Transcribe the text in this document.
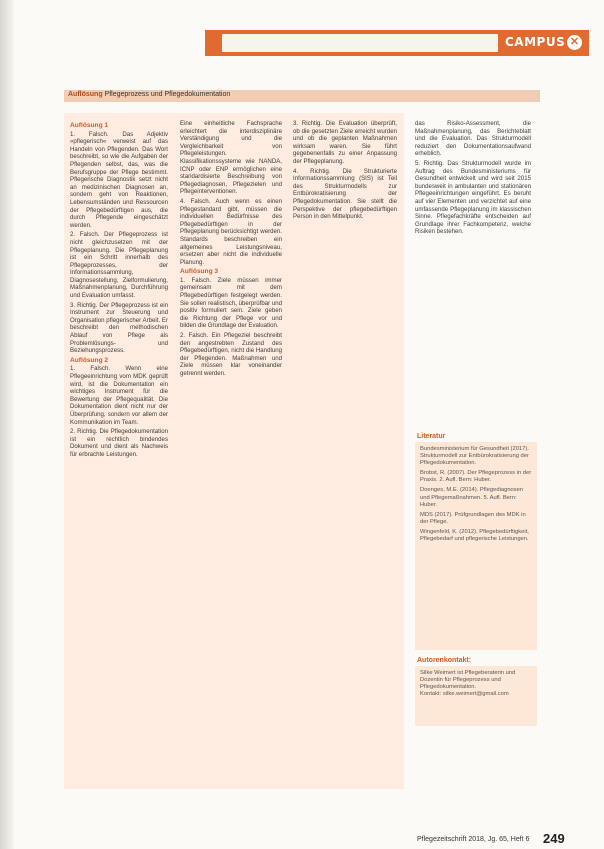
CAMPUS ✕
Auflösung Pflegeprozess und Pflegedokumentation
Auflösung 1

1. Falsch. Das Adjektiv »pflegerisch« verweist auf das Handeln von Pflegenden. Das Wort beschreibt, so wie die Aufgaben der Pflegenden selbst, das, was die Berufsgruppe der Pflege bestimmt. Pflegerische Diagnostik setzt nicht an medizinischen Diagnosen an, sondern geht von Reaktionen, Lebensumständen und Ressourcen der Pflegebedürftigen aus, die durch Pflegende eingeschätzt werden.

2. Falsch. Der Pflegeprozess ist nicht gleichzusetzen mit der Pflegeplanung. Die Pflegeplanung ist ein Schritt innerhalb des Pflegeprozesses, der Informationssammlung, Diagnosestellung, Zielformulierung, Maßnahmenplanung, Durchführung und Evaluation umfasst.

3. Richtig. Der Pflegeprozess ist ein Instrument zur Steuerung und Organisation pflegerischer Arbeit. Er beschreibt den methodischen Ablauf von Pflege als Problemlösungs- und Beziehungsprozess.

Auflösung 2

1. Falsch. Wenn eine Pflegeeinrichtung vom MDK geprüft wird, ist die Dokumentation ein wichtiges Instrument für die Bewertung der Pflegequalität. Die Dokumentation dient nicht nur der Überprüfung, sondern vor allem der Kommunikation im Team.

2. Richtig. Die Pflegedokumentation ist ein rechtlich bindendes Dokument und dient als Nachweis für erbrachte Leistungen.

Eine einheitliche Fachsprache erleichtert die interdisziplinäre Verständigung und die Vergleichbarkeit von Pflegeleistungen. Klassifikationssysteme wie NANDA, ICNP oder ENP ermöglichen eine standardisierte Beschreibung von Pflegediagnosen, Pflegezielen und Pflegeinterventionen.

4. Falsch. Auch wenn es einen Pflegestandard gibt, müssen die individuellen Bedürfnisse des Pflegebedürftigen in der Pflegeplanung berücksichtigt werden. Standards beschreiben ein allgemeines Leistungsniveau, ersetzen aber nicht die individuelle Planung.

Auflösung 3

1. Falsch. Ziele müssen immer gemeinsam mit dem Pflegebedürftigen festgelegt werden. Sie sollen realistisch, überprüfbar und positiv formuliert sein. Ziele geben die Richtung der Pflege vor und bilden die Grundlage der Evaluation.

2. Falsch. Ein Pflegeziel beschreibt den angestrebten Zustand des Pflegebedürftigen, nicht die Handlung der Pflegenden. Maßnahmen und Ziele müssen klar voneinander getrennt werden.

3. Richtig. Die Evaluation überprüft, ob die gesetzten Ziele erreicht wurden und ob die geplanten Maßnahmen wirksam waren. Sie führt gegebenenfalls zu einer Anpassung der Pflegeplanung.

4. Richtig. Die Strukturierte Informationssammlung (SIS) ist Teil des Strukturmodells zur Entbürokratisierung der Pflegedokumentation. Sie stellt die Perspektive der pflegebedürftigen Person in den Mittelpunkt.

das Risiko-Assessment, die Maßnahmenplanung, das Berichteblatt und die Evaluation. Das Strukturmodell reduziert den Dokumentationsaufwand erheblich.

5. Richtig. Das Strukturmodell wurde im Auftrag des Bundesministeriums für Gesundheit entwickelt und wird seit 2015 bundesweit in ambulanten und stationären Pflegeeinrichtungen eingeführt. Es beruht auf vier Elementen und verzichtet auf eine umfassende Pflegeplanung im klassischen Sinne. Pflegefachkräfte entscheiden auf Grundlage ihrer Fachkompetenz, welche Risiken bestehen.

Literatur

Bundesministerium für Gesundheit (2017). Strukturmodell zur Entbürokratisierung der Pflegedokumentation.

Brobst, R. (2007). Der Pflegeprozess in der Praxis. 2. Aufl. Bern: Huber.

Doenges, M.E. (2014). Pflegediagnosen und Pflegemaßnahmen. 5. Aufl. Bern: Huber.

MDS (2017). Prüfgrundlagen des MDK in der Pflege.

Wingenfeld, K. (2012). Pflegebedürftigkeit, Pflegebedarf und pflegerische Leistungen.

Autorenkontakt:
Silke Weimert ist Pflegeberaterin und Dozentin für Pflegeprozess und Pflegedokumentation.
Kontakt: silke.weimert@gmail.com
Pflegezeitschrift 2018, Jg. 65, Heft 6 249
